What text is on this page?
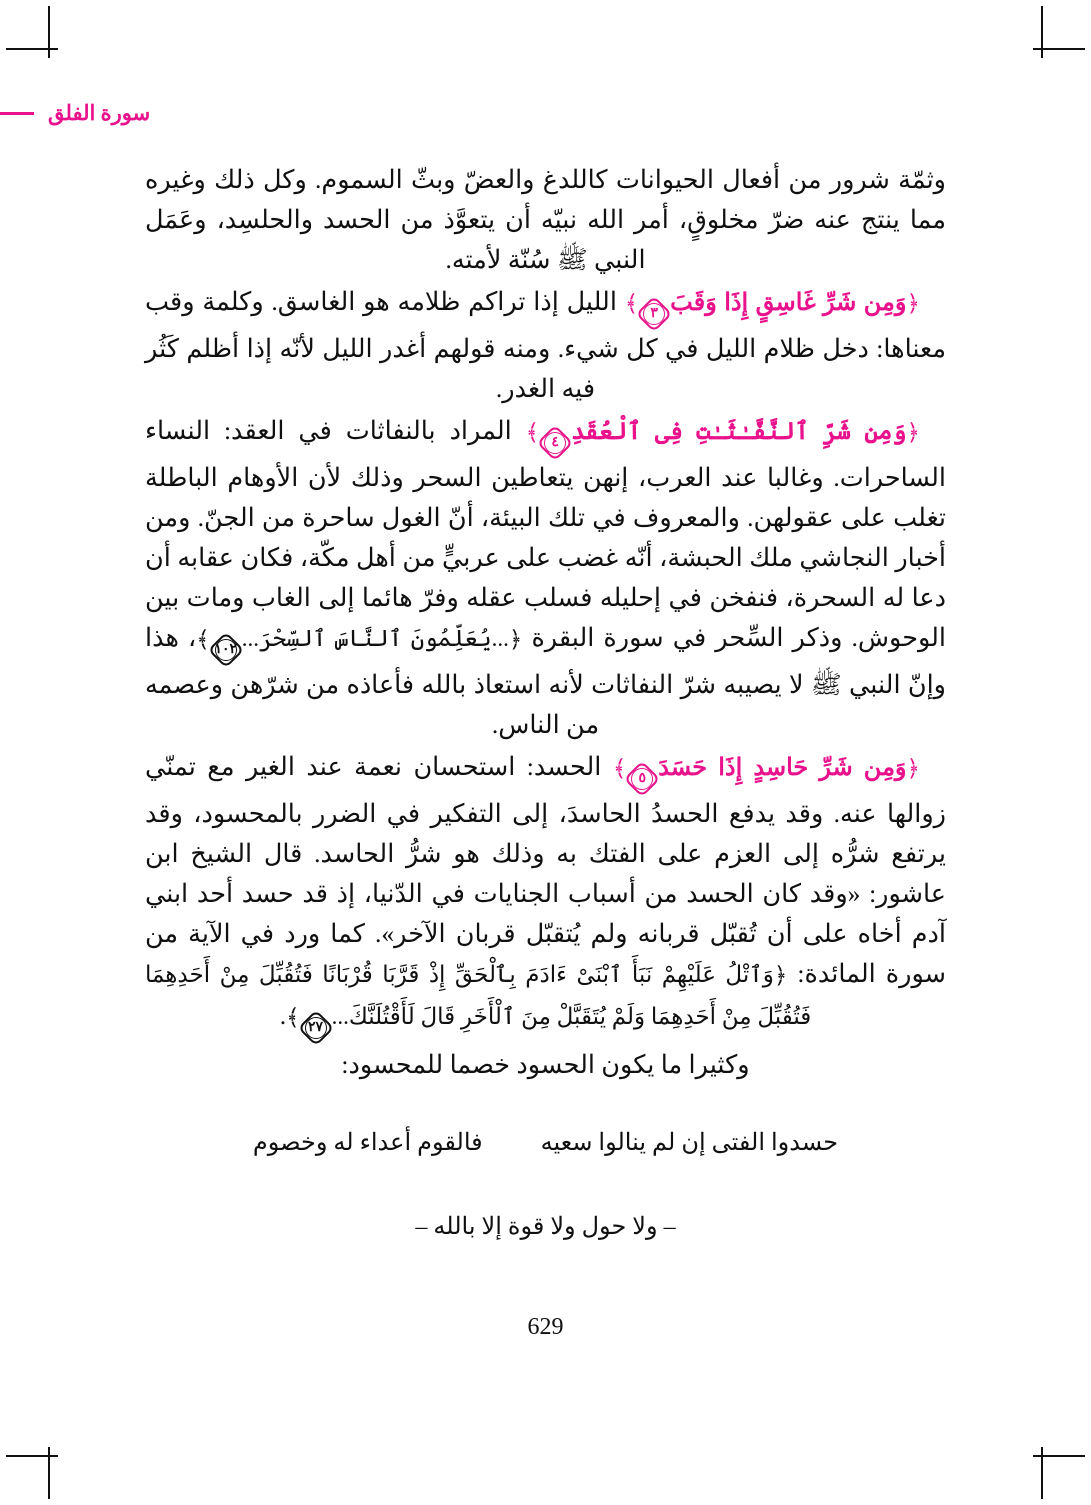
سورة الفلق

وثمّة شرور من أفعال الحيوانات كاللدغ والعضّ وبثّ السموم. وكل ذلك وغيره مما ينتج عنه ضرّ مخلوقٍ، أمر الله نبيّه أن يتعوَّذ من الحسد والحلسِد، وعَمَل النبي ﷺ سُنّة لأمته.

﴿وَمِن شَرِّ غَاسِقٍ إِذَا وَقَبَ
٣﴾ الليل إذا تراكم ظلامه هو الغاسق. وكلمة وقب معناها: دخل ظلام الليل في كل شيء. ومنه قولهم أغدر الليل لأنّه إذا أظلم كَثُر فيه الغدر.

﴿وَمِن شَرِّ ٱلنَّفَّـٰثَـٰتِ فِى ٱلْعُقَدِ
٤﴾ المراد بالنفاثات في العقد: النساء الساحرات. وغالبا عند العرب، إنهن يتعاطين السحر وذلك لأن الأوهام الباطلة تغلب على عقولهن. والمعروف في تلك البيئة، أنّ الغول ساحرة من الجنّ. ومن أخبار النجاشي ملك الحبشة، أنّه غضب على عربيٍّ من أهل مكّة، فكان عقابه أن دعا له السحرة، فنفخن في إحليله فسلب عقله وفرّ هائما إلى الغاب ومات بين الوحوش. وذكر السِّحر في سورة البقرة ﴿...يُعَلِّمُونَ ٱلنَّاسَ ٱلسِّحْرَ...
١٠٢﴾، هذا وإنّ النبي ﷺ لا يصيبه شرّ النفاثات لأنه استعاذ بالله فأعاذه من شرّهن وعصمه من الناس.

﴿وَمِن شَرِّ حَاسِدٍ إِذَا حَسَدَ
٥﴾ الحسد: استحسان نعمة عند الغير مع تمنّي زوالها عنه. وقد يدفع الحسدُ الحاسدَ، إلى التفكير في الضرر بالمحسود، وقد يرتفع شرُّه إلى العزم على الفتك به وذلك هو شرُّ الحاسد. قال الشيخ ابن عاشور: «وقد كان الحسد من أسباب الجنايات في الدّنيا، إذ قد حسد أحد ابني آدم أخاه على أن تُقبّل قربانه ولم يُتقبّل قربان الآخر». كما ورد في الآية من سورة المائدة: ﴿وَٱتْلُ عَلَيْهِمْ نَبَأَ ٱبْنَىْ ءَادَمَ بِٱلْحَقِّ إِذْ قَرَّبَا قُرْبَانًا فَتُقُبِّلَ مِنْ أَحَدِهِمَا فَتُقُبِّلَ مِنْ أَحَدِهِمَا وَلَمْ يُتَقَبَّلْ مِنَ ٱلْأَخَرِ قَالَ لَأَقْتُلَنَّكَ...
٢٧﴾.

وكثيرا ما يكون الحسود خصما للمحسود:

حسدوا الفتى إن لم ينالوا سعيه
فالقوم أعداء له وخصوم
– ولا حول ولا قوة إلا بالله –
629
